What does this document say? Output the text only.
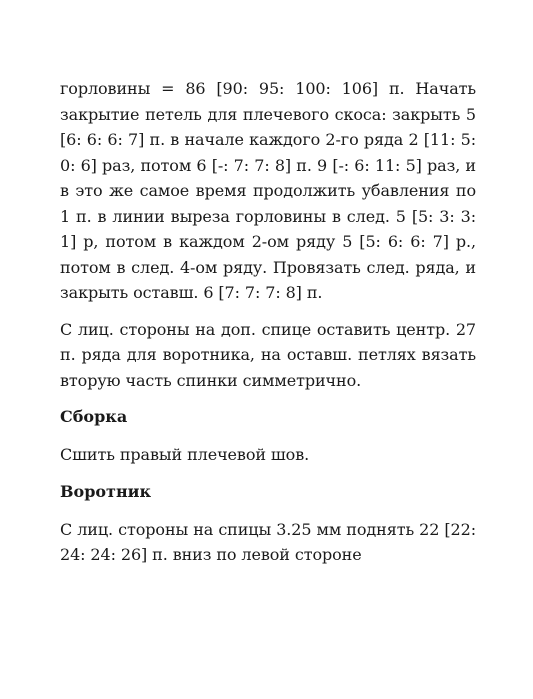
горловины = 86 [90: 95: 100: 106] п. Начать закрытие петель для плечевого скоса: закрыть 5 [6: 6: 6: 7] п. в начале каждого 2-го ряда 2 [11: 5: 0: 6] раз, потом 6 [-: 7: 7: 8] п. 9 [-: 6: 11: 5] раз, и в это же самое время продолжить убавления по 1 п. в линии выреза горловины в след. 5 [5: 3: 3: 1] р, потом в каждом 2-ом ряду 5 [5: 6: 6: 7] р., потом в след. 4-ом ряду. Провязать след. ряда, и закрыть оставш. 6 [7: 7: 7: 8] п.

С лиц. стороны на доп. спице оставить центр. 27 п. ряда для воротника, на оставш. петлях вязать вторую часть спинки симметрично.

Сборка

Сшить правый плечевой шов.

Воротник

С лиц. стороны на спицы 3.25 мм поднять 22 [22: 24: 24: 26] п. вниз по левой стороне
